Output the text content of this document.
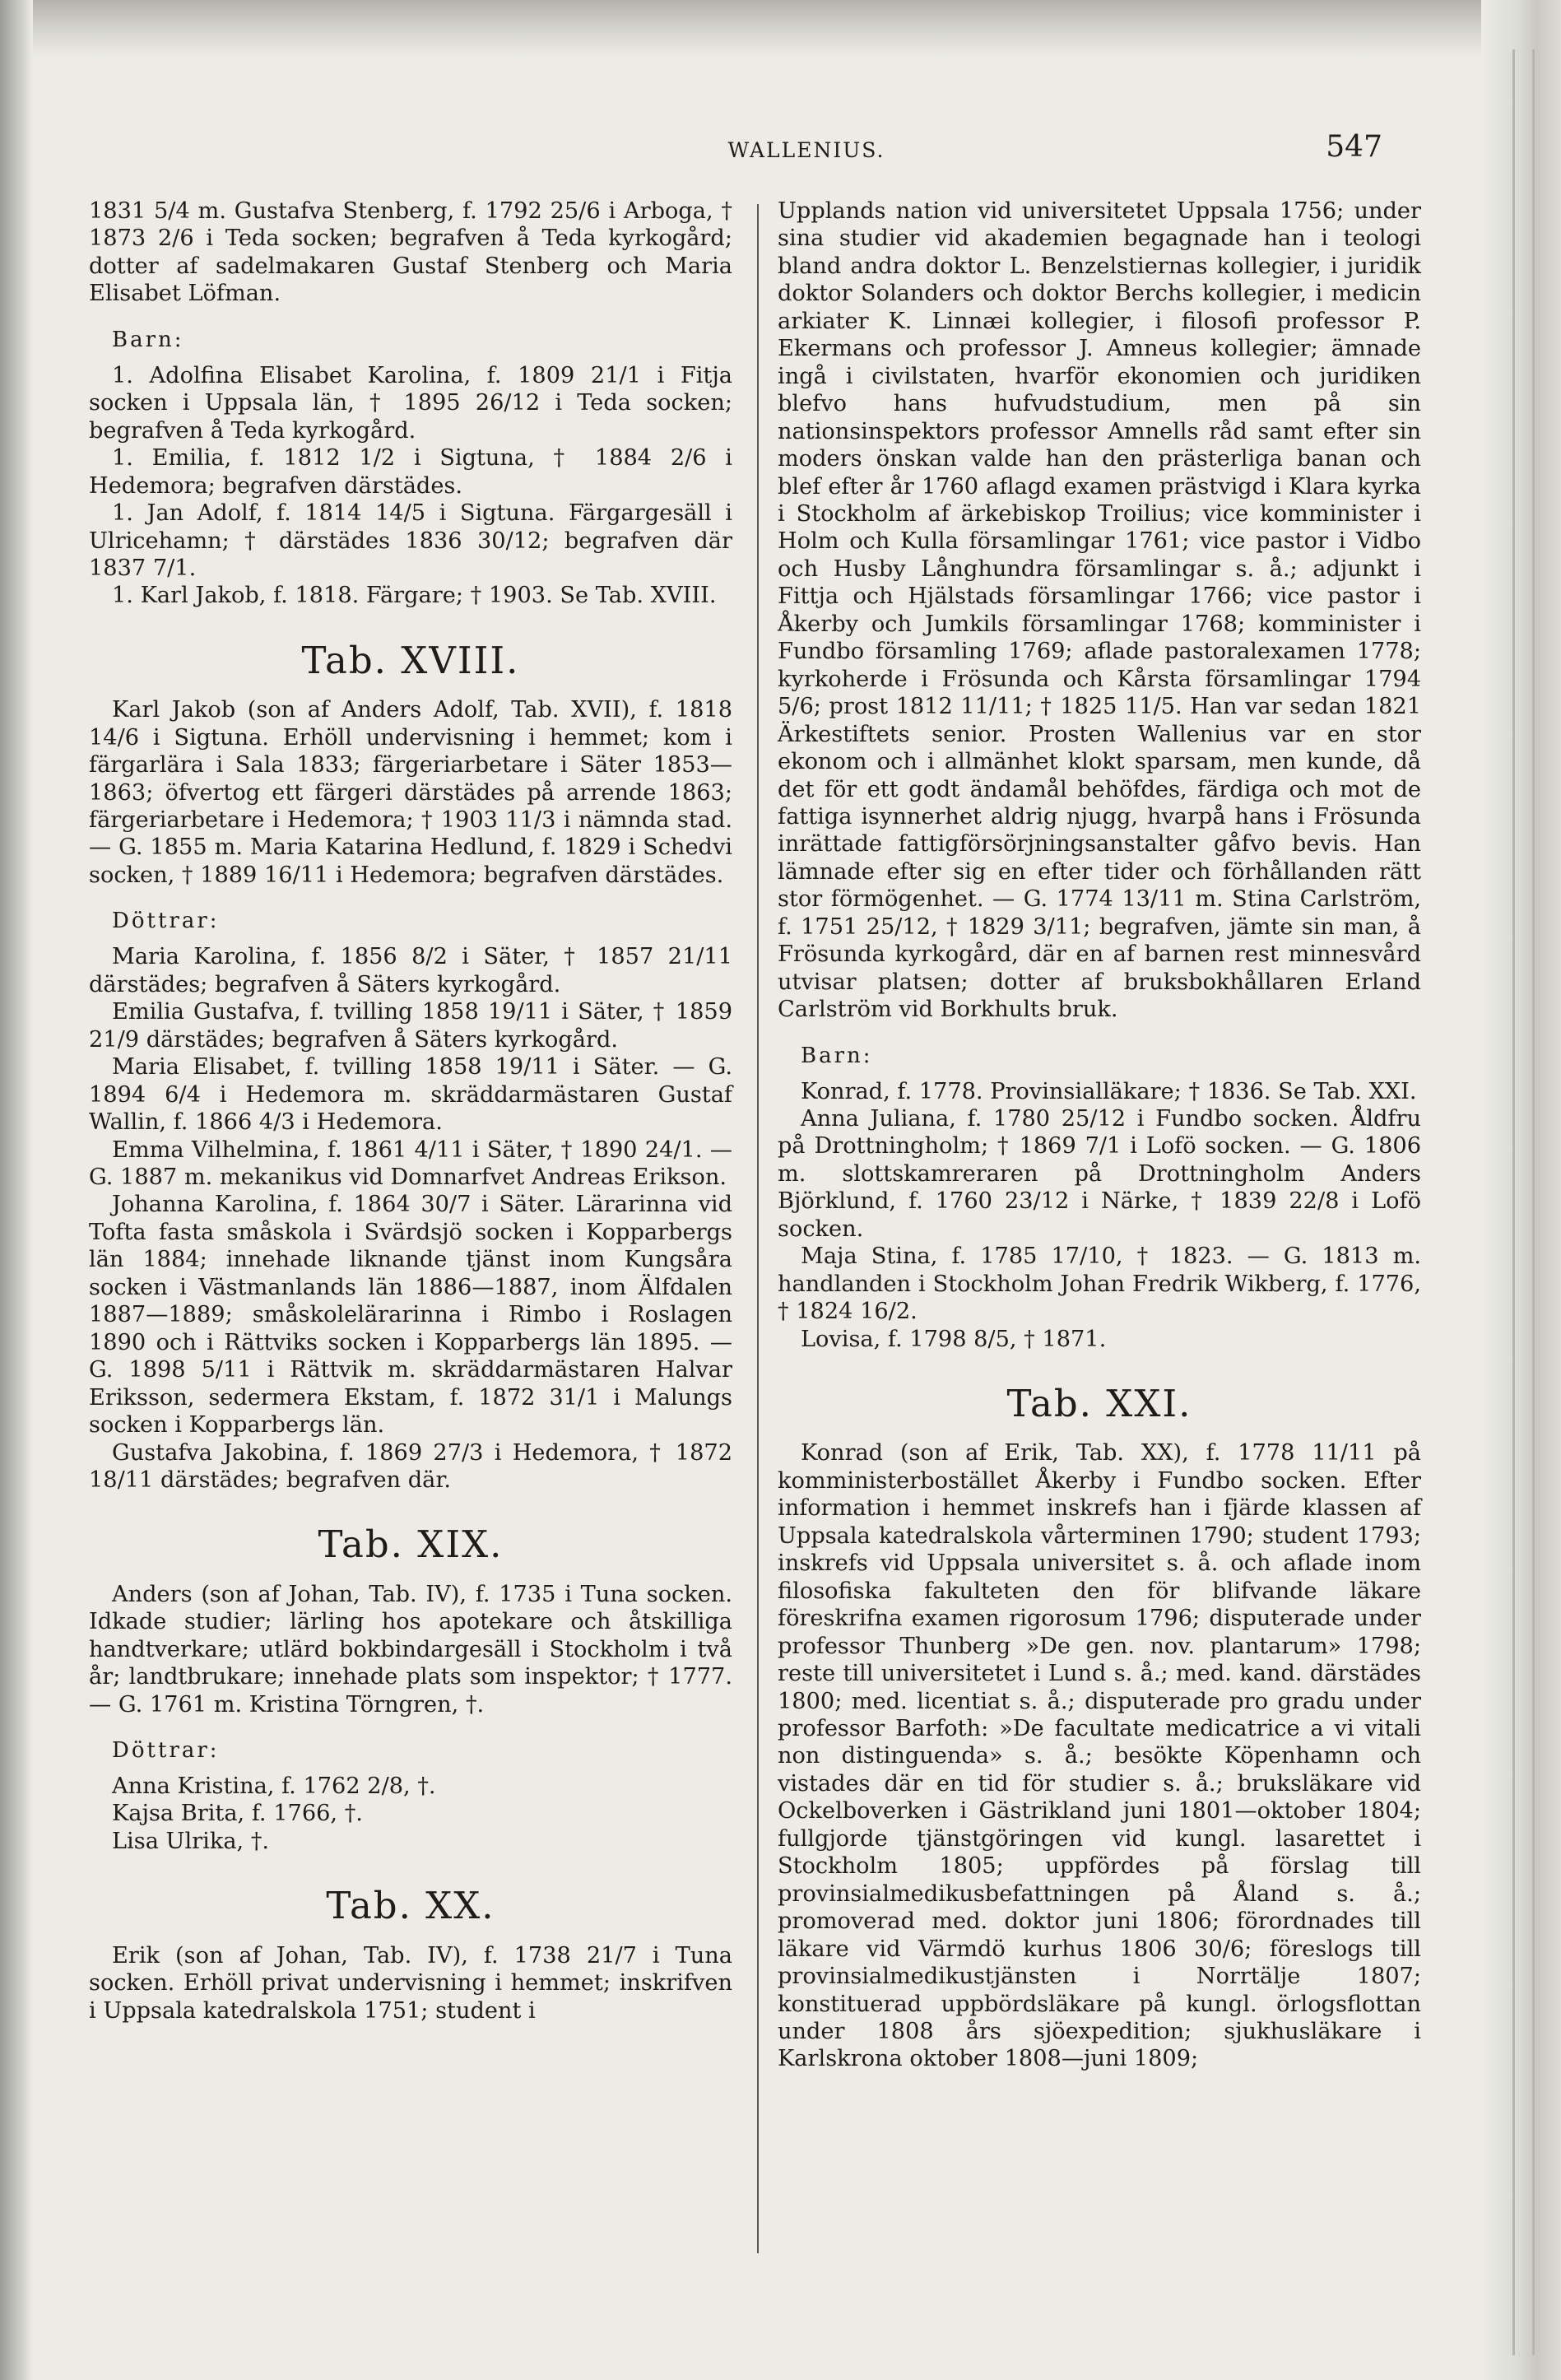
WALLENIUS.	547

1831 5/4 m. Gustafva Stenberg, f. 1792 25/6 i Arboga, † 1873 2/6 i Teda socken; begrafven å Teda kyrkogård; dotter af sadelmakaren Gustaf Stenberg och Maria Elisabet Löfman.

Barn:

1. Adolfina Elisabet Karolina, f. 1809 21/1 i Fitja socken i Uppsala län, † 1895 26/12 i Teda socken; begrafven å Teda kyrkogård.

1. Emilia, f. 1812 1/2 i Sigtuna, † 1884 2/6 i Hedemora; begrafven därstädes.

1. Jan Adolf, f. 1814 14/5 i Sigtuna. Färgargesäll i Ulricehamn; † därstädes 1836 30/12; begrafven där 1837 7/1.

1. Karl Jakob, f. 1818. Färgare; † 1903. Se Tab. XVIII.

Tab. XVIII.

Karl Jakob (son af Anders Adolf, Tab. XVII), f. 1818 14/6 i Sigtuna. Erhöll undervisning i hemmet; kom i färgarlära i Sala 1833; färgeriarbetare i Säter 1853—1863; öfvertog ett färgeri därstädes på arrende 1863; färgeriarbetare i Hedemora; † 1903 11/3 i nämnda stad. — G. 1855 m. Maria Katarina Hedlund, f. 1829 i Schedvi socken, † 1889 16/11 i Hedemora; begrafven därstädes.

Döttrar:

Maria Karolina, f. 1856 8/2 i Säter, † 1857 21/11 därstädes; begrafven å Säters kyrkogård.

Emilia Gustafva, f. tvilling 1858 19/11 i Säter, † 1859 21/9 därstädes; begrafven å Säters kyrkogård.

Maria Elisabet, f. tvilling 1858 19/11 i Säter. — G. 1894 6/4 i Hedemora m. skräddarmästaren Gustaf Wallin, f. 1866 4/3 i Hedemora.

Emma Vilhelmina, f. 1861 4/11 i Säter, † 1890 24/1. — G. 1887 m. mekanikus vid Domnarfvet Andreas Erikson.

Johanna Karolina, f. 1864 30/7 i Säter. Lärarinna vid Tofta fasta småskola i Svärdsjö socken i Kopparbergs län 1884; innehade liknande tjänst inom Kungsåra socken i Västmanlands län 1886—1887, inom Älfdalen 1887—1889; småskolelärarinna i Rimbo i Roslagen 1890 och i Rättviks socken i Kopparbergs län 1895. — G. 1898 5/11 i Rättvik m. skräddarmästaren Halvar Eriksson, sedermera Ekstam, f. 1872 31/1 i Malungs socken i Kopparbergs län.

Gustafva Jakobina, f. 1869 27/3 i Hedemora, † 1872 18/11 därstädes; begrafven där.

Tab. XIX.

Anders (son af Johan, Tab. IV), f. 1735 i Tuna socken. Idkade studier; lärling hos apotekare och åtskilliga handtverkare; utlärd bokbindargesäll i Stockholm i två år; landtbrukare; innehade plats som inspektor; † 1777. — G. 1761 m. Kristina Törngren, †.

Döttrar:

Anna Kristina, f. 1762 2/8, †.

Kajsa Brita, f. 1766, †.

Lisa Ulrika, †.

Tab. XX.

Erik (son af Johan, Tab. IV), f. 1738 21/7 i Tuna socken. Erhöll privat undervisning i hemmet; inskrifven i Uppsala katedralskola 1751; student i

Upplands nation vid universitetet Uppsala 1756; under sina studier vid akademien begagnade han i teologi bland andra doktor L. Benzelstiernas kollegier, i juridik doktor Solanders och doktor Berchs kollegier, i medicin arkiater K. Linnæi kollegier, i filosofi professor P. Ekermans och professor J. Amneus kollegier; ämnade ingå i civilstaten, hvarför ekonomien och juridiken blefvo hans hufvudstudium, men på sin nationsinspektors professor Amnells råd samt efter sin moders önskan valde han den prästerliga banan och blef efter år 1760 aflagd examen prästvigd i Klara kyrka i Stockholm af ärkebiskop Troilius; vice komminister i Holm och Kulla församlingar 1761; vice pastor i Vidbo och Husby Långhundra församlingar s. å.; adjunkt i Fittja och Hjälstads församlingar 1766; vice pastor i Åkerby och Jumkils församlingar 1768; komminister i Fundbo församling 1769; aflade pastoralexamen 1778; kyrkoherde i Frösunda och Kårsta församlingar 1794 5/6; prost 1812 11/11; † 1825 11/5. Han var sedan 1821 Ärkestiftets senior. Prosten Wallenius var en stor ekonom och i allmänhet klokt sparsam, men kunde, då det för ett godt ändamål behöfdes, färdiga och mot de fattiga isynnerhet aldrig njugg, hvarpå hans i Frösunda inrättade fattigförsörjningsanstalter gåfvo bevis. Han lämnade efter sig en efter tider och förhållanden rätt stor förmögenhet. — G. 1774 13/11 m. Stina Carlström, f. 1751 25/12, † 1829 3/11; begrafven, jämte sin man, å Frösunda kyrkogård, där en af barnen rest minnesvård utvisar platsen; dotter af bruksbokhållaren Erland Carlström vid Borkhults bruk.

Barn:

Konrad, f. 1778. Provinsialläkare; † 1836. Se Tab. XXI.

Anna Juliana, f. 1780 25/12 i Fundbo socken. Åldfru på Drottningholm; † 1869 7/1 i Lofö socken. — G. 1806 m. slottskamreraren på Drottningholm Anders Björklund, f. 1760 23/12 i Närke, † 1839 22/8 i Lofö socken.

Maja Stina, f. 1785 17/10, † 1823. — G. 1813 m. handlanden i Stockholm Johan Fredrik Wikberg, f. 1776, † 1824 16/2.

Lovisa, f. 1798 8/5, † 1871.

Tab. XXI.

Konrad (son af Erik, Tab. XX), f. 1778 11/11 på komministerbostället Åkerby i Fundbo socken. Efter information i hemmet inskrefs han i fjärde klassen af Uppsala katedralskola vårterminen 1790; student 1793; inskrefs vid Uppsala universitet s. å. och aflade inom filosofiska fakulteten den för blifvande läkare föreskrifna examen rigorosum 1796; disputerade under professor Thunberg »De gen. nov. plantarum» 1798; reste till universitetet i Lund s. å.; med. kand. därstädes 1800; med. licentiat s. å.; disputerade pro gradu under professor Barfoth: »De facultate medicatrice a vi vitali non distinguenda» s. å.; besökte Köpenhamn och vistades där en tid för studier s. å.; bruksläkare vid Ockelboverken i Gästrikland juni 1801—oktober 1804; fullgjorde tjänstgöringen vid kungl. lasarettet i Stockholm 1805; uppfördes på förslag till provinsialmedikusbefattningen på Åland s. å.; promoverad med. doktor juni 1806; förordnades till läkare vid Värmdö kurhus 1806 30/6; föreslogs till provinsialmedikustjänsten i Norrtälje 1807; konstituerad uppbördsläkare på kungl. örlogsflottan under 1808 års sjöexpedition; sjukhusläkare i Karlskrona oktober 1808—juni 1809;
